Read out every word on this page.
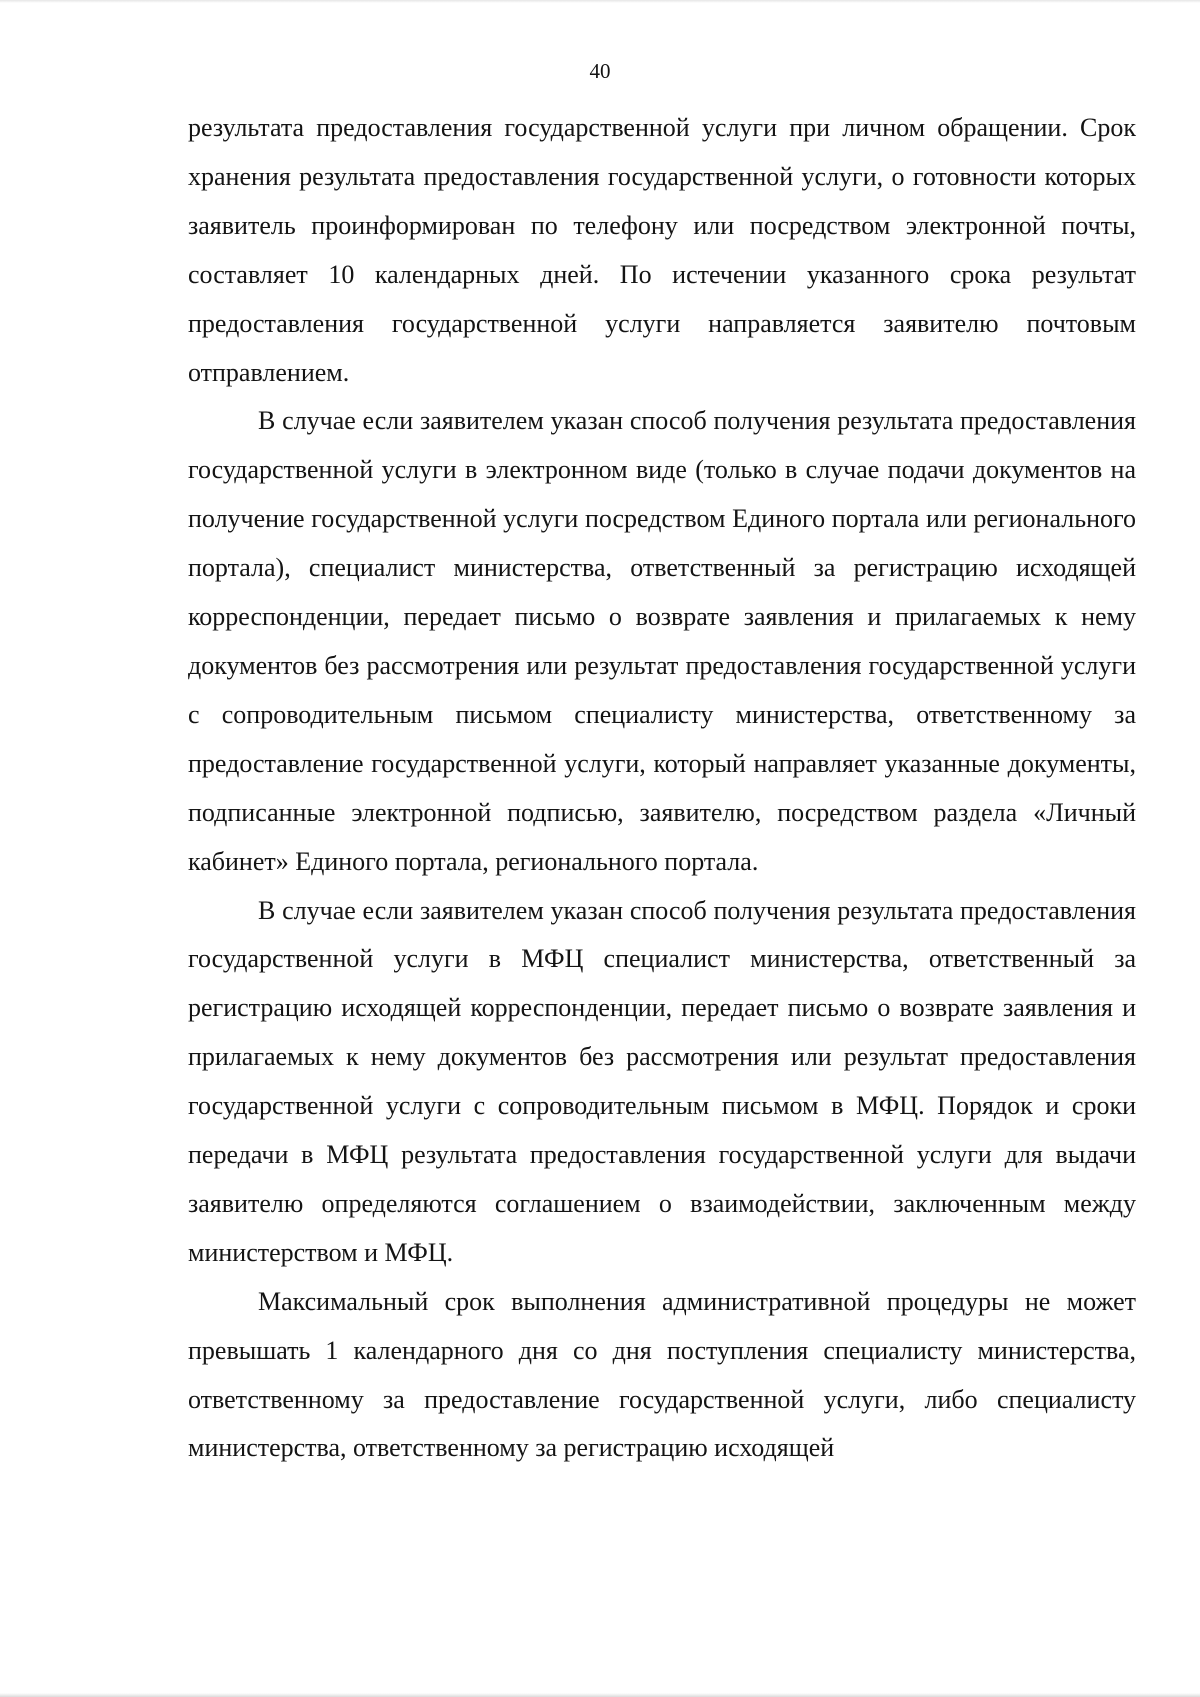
40

результата предоставления государственной услуги при личном обращении. Срок хранения результата предоставления государственной услуги, о готовности которых заявитель проинформирован по телефону или посредством электронной почты, составляет 10 календарных дней. По истечении указанного срока результат предоставления государственной услуги направляется заявителю почтовым отправлением.

В случае если заявителем указан способ получения результата предоставления государственной услуги в электронном виде (только в случае подачи документов на получение государственной услуги посредством Единого портала или регионального портала), специалист министерства, ответственный за регистрацию исходящей корреспонденции, передает письмо о возврате заявления и прилагаемых к нему документов без рассмотрения или результат предоставления государственной услуги с сопроводительным письмом специалисту министерства, ответственному за предоставление государственной услуги, который направляет указанные документы, подписанные электронной подписью, заявителю, посредством раздела «Личный кабинет» Единого портала, регионального портала.

В случае если заявителем указан способ получения результата предоставления государственной услуги в МФЦ специалист министерства, ответственный за регистрацию исходящей корреспонденции, передает письмо о возврате заявления и прилагаемых к нему документов без рассмотрения или результат предоставления государственной услуги с сопроводительным письмом в МФЦ. Порядок и сроки передачи в МФЦ результата предоставления государственной услуги для выдачи заявителю определяются соглашением о взаимодействии, заключенным между министерством и МФЦ.

Максимальный срок выполнения административной процедуры не может превышать 1 календарного дня со дня поступления специалисту министерства, ответственному за предоставление государственной услуги, либо специалисту министерства, ответственному за регистрацию исходящей
